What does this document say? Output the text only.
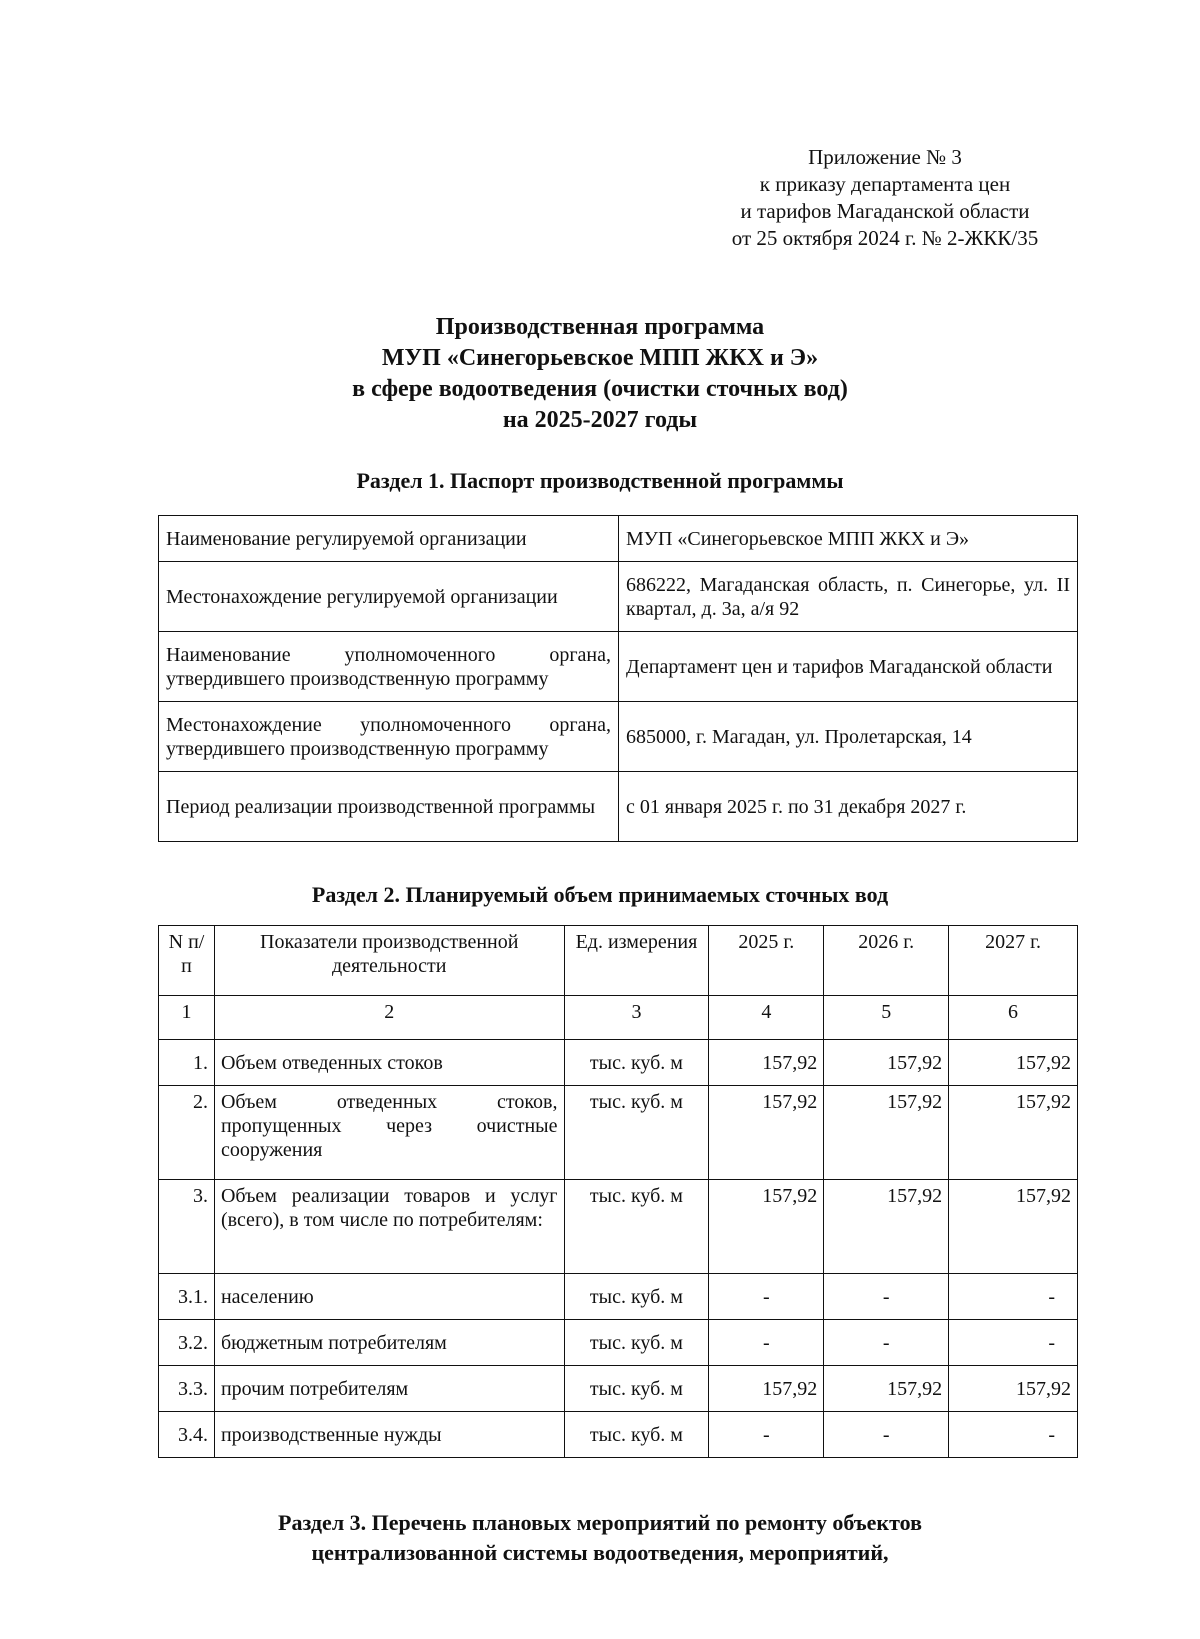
Приложение № 3
к приказу департамента цен
и тарифов Магаданской области
от 25 октября 2024 г. № 2-ЖКК/35
Производственная программа
МУП «Синегорьевское МПП ЖКХ и Э»
в сфере водоотведения (очистки сточных вод)
на 2025-2027 годы
Раздел 1. Паспорт производственной программы
Наименование регулируемой организации	МУП «Синегорьевское МПП ЖКХ и Э»
Местонахождение регулируемой организации	686222, Магаданская область, п. Синегорье, ул. II квартал, д. 3а, а/я 92
Наименование уполномоченного органа, утвердившего производственную программу	Департамент цен и тарифов Магаданской области
Местонахождение уполномоченного органа, утвердившего производственную программу	685000, г. Магадан, ул. Пролетарская, 14
Период реализации производственной программы	с 01 января 2025 г. по 31 декабря 2027 г.
Раздел 2. Планируемый объем принимаемых сточных вод
N п/п	Показатели производственной деятельности	Ед. измерения	2025 г.	2026 г.	2027 г.
1	2	3	4	5	6
1.	Объем отведенных стоков	тыс. куб. м	157,92	157,92	157,92
2.	Объем отведенных стоков, пропущенных через очистные сооружения	тыс. куб. м	157,92	157,92	157,92
3.	Объем реализации товаров и услуг (всего), в том числе по потребителям:	тыс. куб. м	157,92	157,92	157,92
3.1.	населению	тыс. куб. м	-	-	-
3.2.	бюджетным потребителям	тыс. куб. м	-	-	-
3.3.	прочим потребителям	тыс. куб. м	157,92	157,92	157,92
3.4.	производственные нужды	тыс. куб. м	-	-	-
Раздел 3. Перечень плановых мероприятий по ремонту объектов
централизованной системы водоотведения, мероприятий,
